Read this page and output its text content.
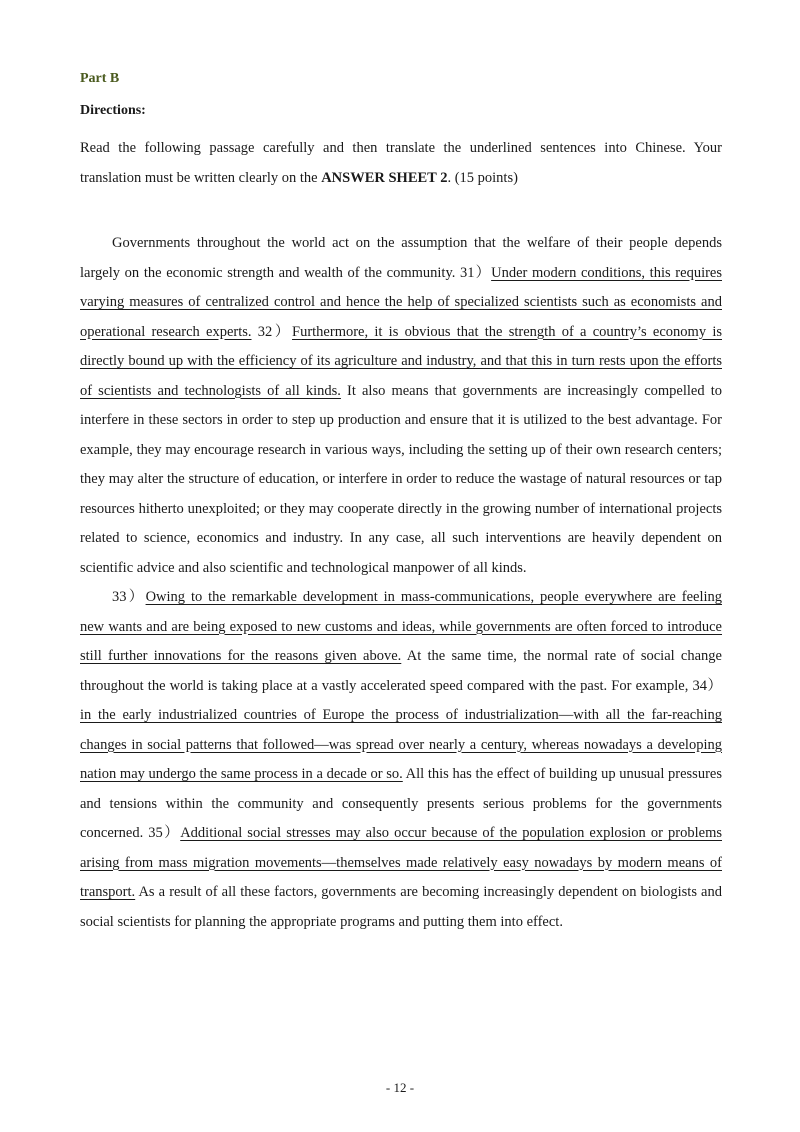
Part B

Directions:

Read the following passage carefully and then translate the underlined sentences into Chinese. Your translation must be written clearly on the ANSWER SHEET 2. (15 points)

Governments throughout the world act on the assumption that the welfare of their people depends largely on the economic strength and wealth of the community. 31）Under modern conditions, this requires varying measures of centralized control and hence the help of specialized scientists such as economists and operational research experts. 32）Furthermore, it is obvious that the strength of a country’s economy is directly bound up with the efficiency of its agriculture and industry, and that this in turn rests upon the efforts of scientists and technologists of all kinds. It also means that governments are increasingly compelled to interfere in these sectors in order to step up production and ensure that it is utilized to the best advantage. For example, they may encourage research in various ways, including the setting up of their own research centers; they may alter the structure of education, or interfere in order to reduce the wastage of natural resources or tap resources hitherto unexploited; or they may cooperate directly in the growing number of international projects related to science, economics and industry. In any case, all such interventions are heavily dependent on scientific advice and also scientific and technological manpower of all kinds.

33）Owing to the remarkable development in mass-communications, people everywhere are feeling new wants and are being exposed to new customs and ideas, while governments are often forced to introduce still further innovations for the reasons given above. At the same time, the normal rate of social change throughout the world is taking place at a vastly accelerated speed compared with the past. For example, 34） in the early industrialized countries of Europe the process of industrialization—with all the far-reaching changes in social patterns that followed—was spread over nearly a century, whereas nowadays a developing nation may undergo the same process in a decade or so. All this has the effect of building up unusual pressures and tensions within the community and consequently presents serious problems for the governments concerned. 35）Additional social stresses may also occur because of the population explosion or problems arising from mass migration movements—themselves made relatively easy nowadays by modern means of transport. As a result of all these factors, governments are becoming increasingly dependent on biologists and social scientists for planning the appropriate programs and putting them into effect.

- 12 -
